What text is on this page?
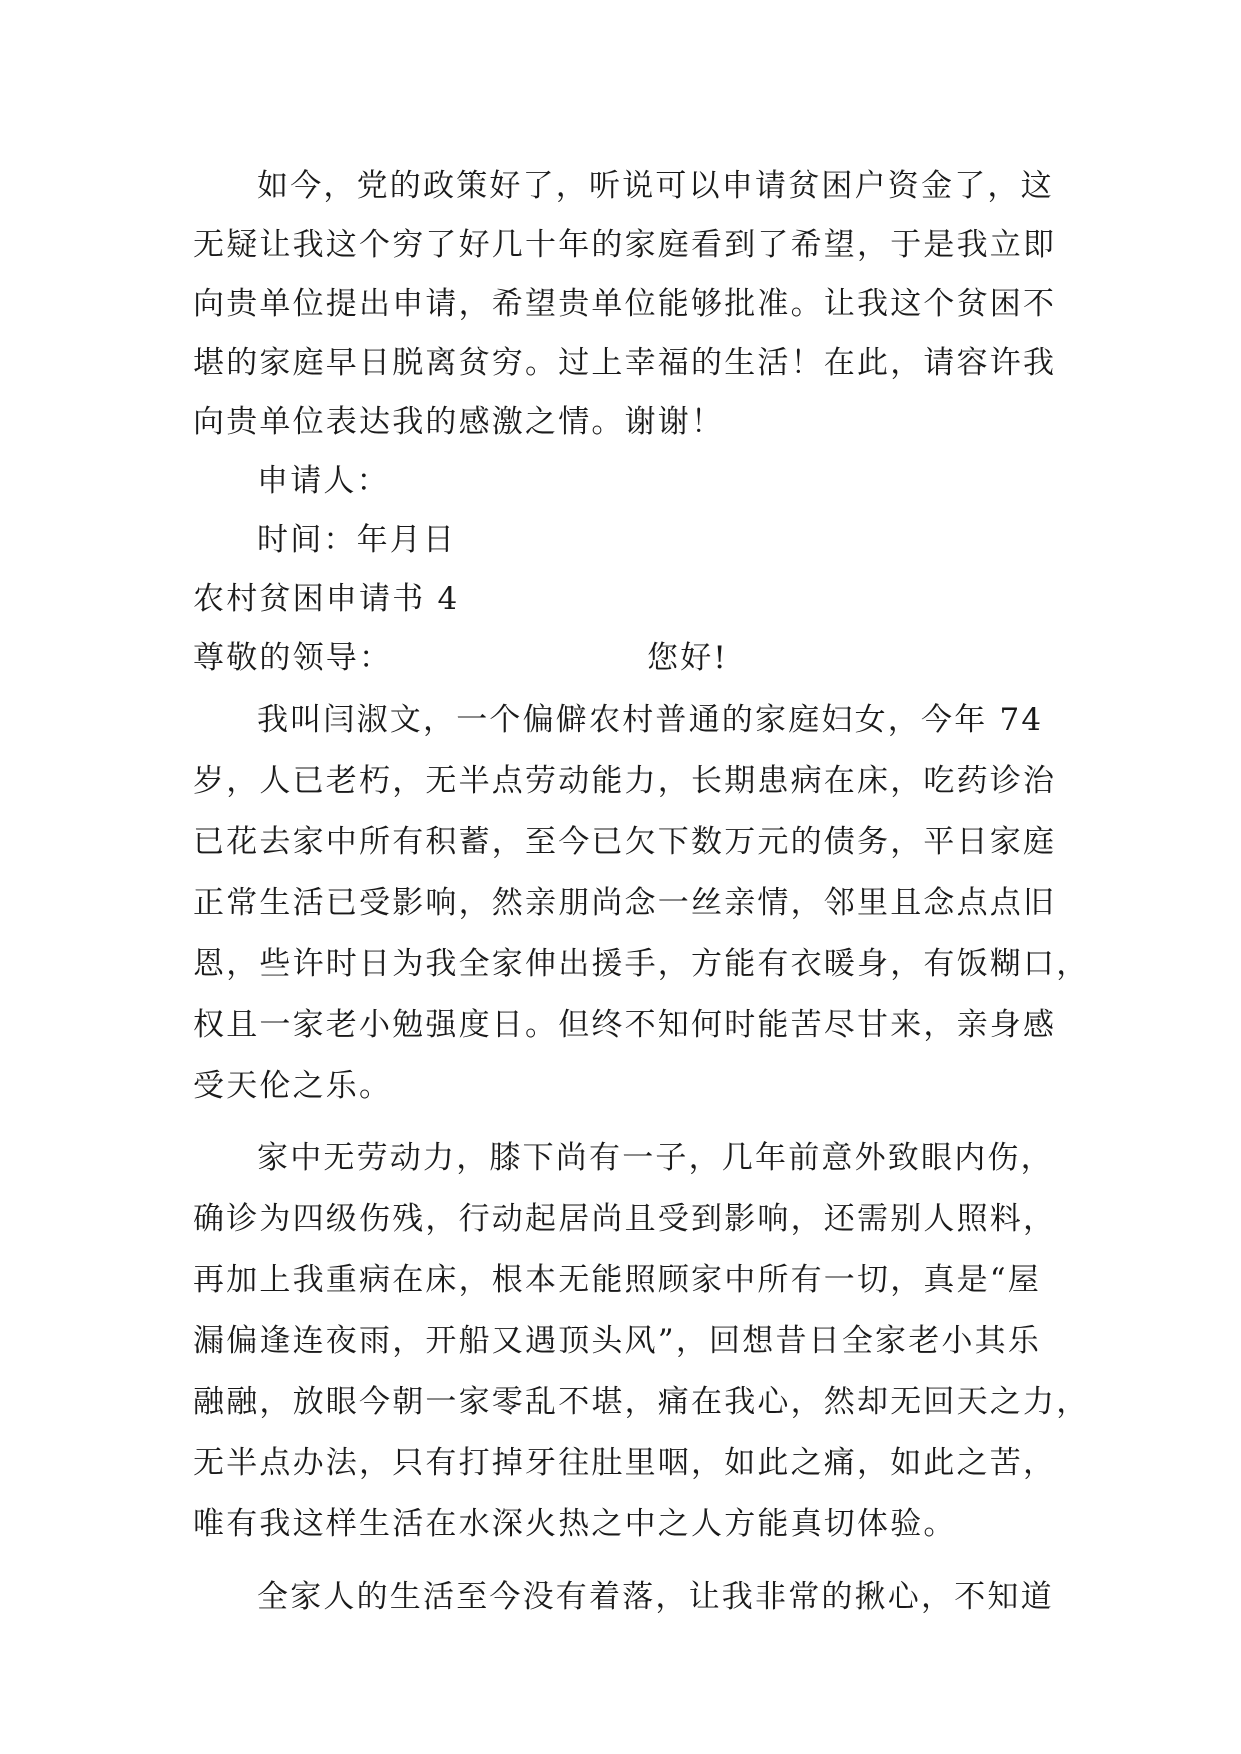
如今，党的政策好了，听说可以申请贫困户资金了，这
无疑让我这个穷了好几十年的家庭看到了希望，于是我立即
向贵单位提出申请，希望贵单位能够批准。让我这个贫困不
堪的家庭早日脱离贫穷。过上幸福的生活！在此，请容许我
向贵单位表达我的感激之情。谢谢！
申请人：
时间：年月日
农村贫困申请书 4
尊敬的领导：	您好!
我叫闫淑文，一个偏僻农村普通的家庭妇女，今年 74
岁，人已老朽，无半点劳动能力，长期患病在床，吃药诊治
已花去家中所有积蓄，至今已欠下数万元的债务，平日家庭
正常生活已受影响，然亲朋尚念一丝亲情，邻里且念点点旧
恩，些许时日为我全家伸出援手，方能有衣暖身，有饭糊口，
权且一家老小勉强度日。但终不知何时能苦尽甘来，亲身感
受天伦之乐。
家中无劳动力，膝下尚有一子，几年前意外致眼内伤，
确诊为四级伤残，行动起居尚且受到影响，还需别人照料，
再加上我重病在床，根本无能照顾家中所有一切，真是“屋
漏偏逢连夜雨，开船又遇顶头风”，回想昔日全家老小其乐
融融，放眼今朝一家零乱不堪，痛在我心，然却无回天之力，
无半点办法，只有打掉牙往肚里咽，如此之痛，如此之苦，
唯有我这样生活在水深火热之中之人方能真切体验。
全家人的生活至今没有着落，让我非常的揪心，不知道
